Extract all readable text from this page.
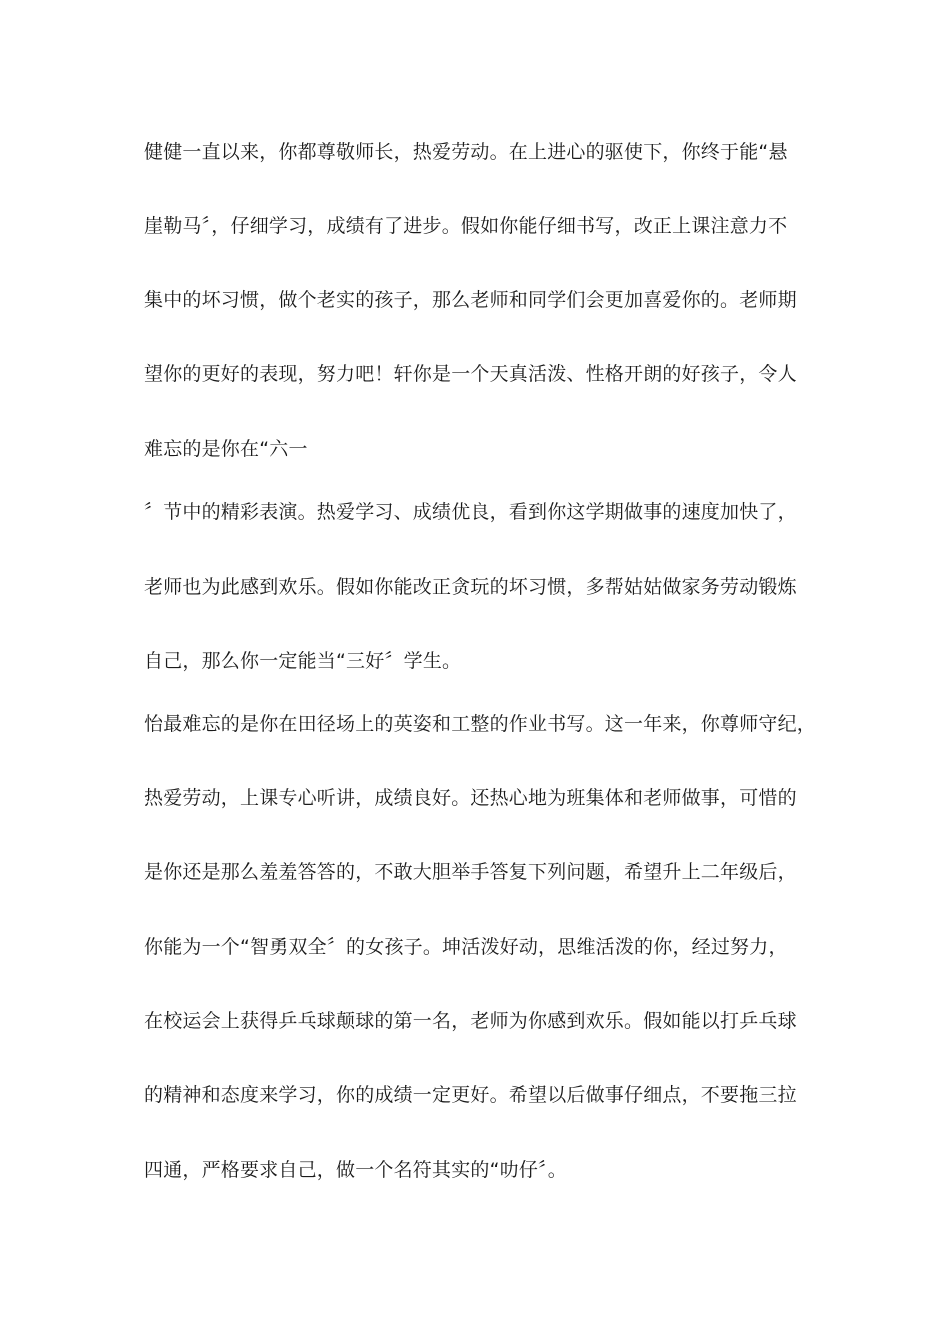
健健一直以来，你都尊敬师长，热爱劳动。在上进心的驱使下，你终于能“悬
崖勒马〞，仔细学习，成绩有了进步。假如你能仔细书写，改正上课注意力不
集中的坏习惯，做个老实的孩子，那么老师和同学们会更加喜爱你的。老师期
望你的更好的表现，努力吧！轩你是一个天真活泼、性格开朗的好孩子，令人
难忘的是你在“六一
〞节中的精彩表演。热爱学习、成绩优良，看到你这学期做事的速度加快了，
老师也为此感到欢乐。假如你能改正贪玩的坏习惯，多帮姑姑做家务劳动锻炼
自己，那么你一定能当“三好〞学生。
怡最难忘的是你在田径场上的英姿和工整的作业书写。这一年来，你尊师守纪，
热爱劳动，上课专心听讲，成绩良好。还热心地为班集体和老师做事，可惜的
是你还是那么羞羞答答的，不敢大胆举手答复下列问题，希望升上二年级后，
你能为一个“智勇双全〞的女孩子。坤活泼好动，思维活泼的你，经过努力，
在校运会上获得乒乓球颠球的第一名，老师为你感到欢乐。假如能以打乒乓球
的精神和态度来学习，你的成绩一定更好。希望以后做事仔细点，不要拖三拉
四通，严格要求自己，做一个名符其实的“叻仔〞。
